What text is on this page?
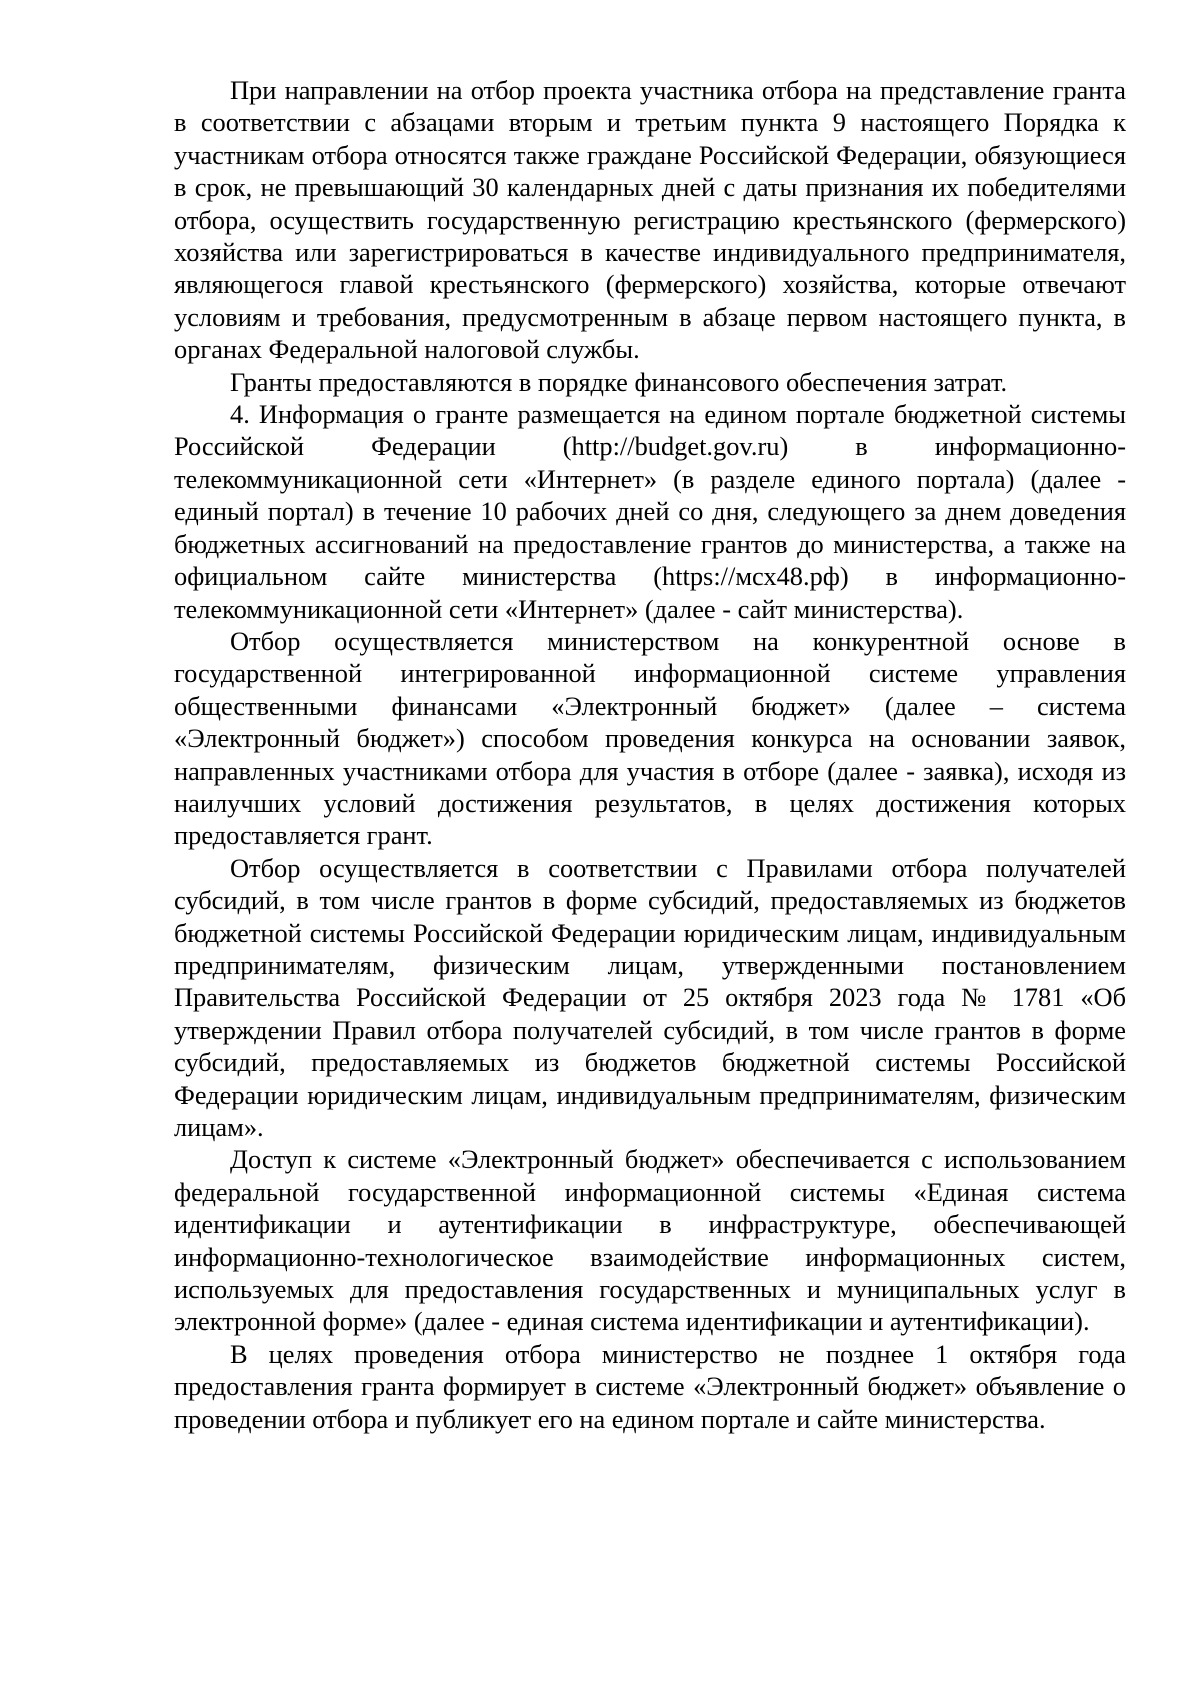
При направлении на отбор проекта участника отбора на представление гранта в соответствии с абзацами вторым и третьим пункта 9 настоящего Порядка к участникам отбора относятся также граждане Российской Федерации, обязующиеся в срок, не превышающий 30 календарных дней с даты признания их победителями отбора, осуществить государственную регистрацию крестьянского (фермерского) хозяйства или зарегистрироваться в качестве индивидуального предпринимателя, являющегося главой крестьянского (фермерского) хозяйства, которые отвечают условиям и требования, предусмотренным в абзаце первом настоящего пункта, в органах Федеральной налоговой службы.

Гранты предоставляются в порядке финансового обеспечения затрат.

4. Информация о гранте размещается на едином портале бюджетной системы Российской Федерации (http://budget.gov.ru) в информационно-телекоммуникационной сети «Интернет» (в разделе единого портала) (далее - единый портал) в течение 10 рабочих дней со дня, следующего за днем доведения бюджетных ассигнований на предоставление грантов до министерства, а также на официальном сайте министерства (https://мсх48.рф) в информационно-телекоммуникационной сети «Интернет» (далее - сайт министерства).

Отбор осуществляется министерством на конкурентной основе в государственной интегрированной информационной системе управления общественными финансами «Электронный бюджет» (далее – система «Электронный бюджет») способом проведения конкурса на основании заявок, направленных участниками отбора для участия в отборе (далее - заявка), исходя из наилучших условий достижения результатов, в целях достижения которых предоставляется грант.

Отбор осуществляется в соответствии с Правилами отбора получателей субсидий, в том числе грантов в форме субсидий, предоставляемых из бюджетов бюджетной системы Российской Федерации юридическим лицам, индивидуальным предпринимателям, физическим лицам, утвержденными постановлением Правительства Российской Федерации от 25 октября 2023 года № 1781 «Об утверждении Правил отбора получателей субсидий, в том числе грантов в форме субсидий, предоставляемых из бюджетов бюджетной системы Российской Федерации юридическим лицам, индивидуальным предпринимателям, физическим лицам».

Доступ к системе «Электронный бюджет» обеспечивается с использованием федеральной государственной информационной системы «Единая система идентификации и аутентификации в инфраструктуре, обеспечивающей информационно-технологическое взаимодействие информационных систем, используемых для предоставления государственных и муниципальных услуг в электронной форме» (далее - единая система идентификации и аутентификации).

В целях проведения отбора министерство не позднее 1 октября года предоставления гранта формирует в системе «Электронный бюджет» объявление о проведении отбора и публикует его на едином портале и сайте министерства.
